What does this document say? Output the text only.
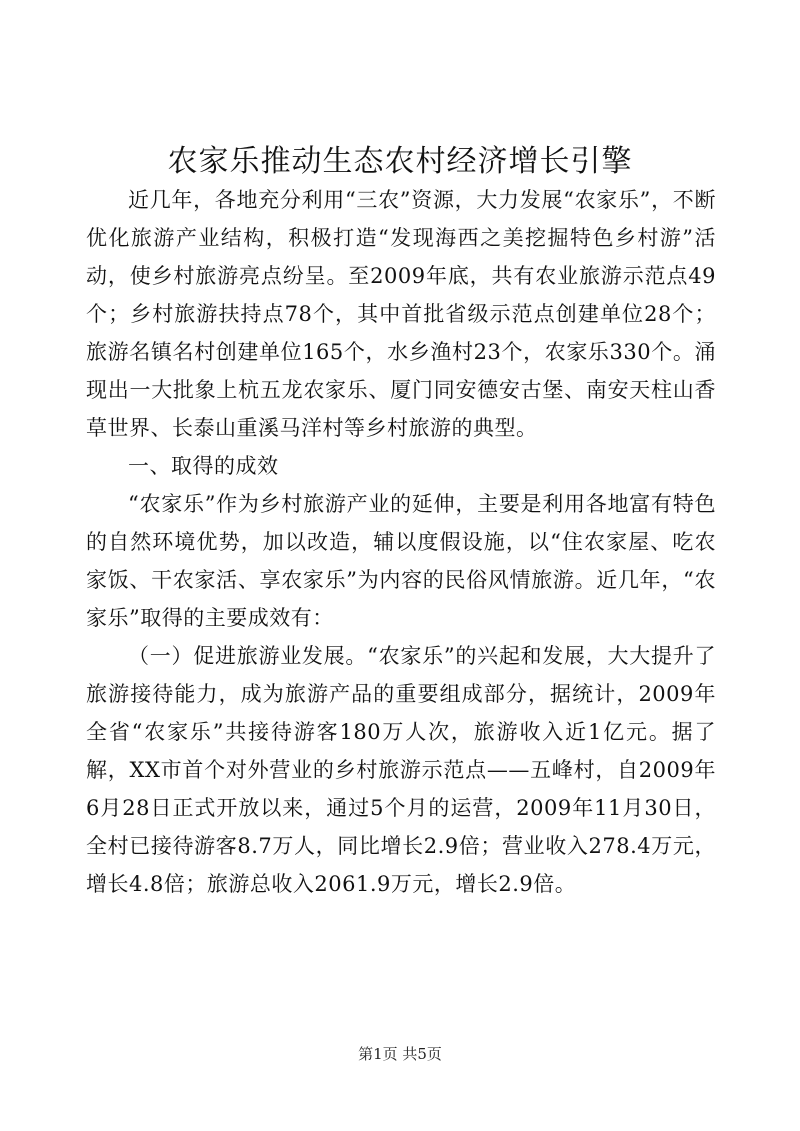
农家乐推动生态农村经济增长引擎

近几年，各地充分利用“三农”资源，大力发展“农家乐”，不断优化旅游产业结构，积极打造“发现海西之美挖掘特色乡村游”活动，使乡村旅游亮点纷呈。至2009年底，共有农业旅游示范点49个；乡村旅游扶持点78个，其中首批省级示范点创建单位28个；旅游名镇名村创建单位165个，水乡渔村23个，农家乐330个。涌现出一大批象上杭五龙农家乐、厦门同安德安古堡、南安天柱山香草世界、长泰山重溪马洋村等乡村旅游的典型。

一、取得的成效

“农家乐”作为乡村旅游产业的延伸，主要是利用各地富有特色的自然环境优势，加以改造，辅以度假设施，以“住农家屋、吃农家饭、干农家活、享农家乐”为内容的民俗风情旅游。近几年，“农家乐”取得的主要成效有：

（一）促进旅游业发展。“农家乐”的兴起和发展，大大提升了旅游接待能力，成为旅游产品的重要组成部分，据统计，2009年全省“农家乐”共接待游客180万人次，旅游收入近1亿元。据了解，XX市首个对外营业的乡村旅游示范点——五峰村，自2009年6月28日正式开放以来，通过5个月的运营，2009年11月30日，全村已接待游客8.7万人，同比增长2.9倍；营业收入278.4万元，增长4.8倍；旅游总收入2061.9万元，增长2.9倍。

第1页 共5页
